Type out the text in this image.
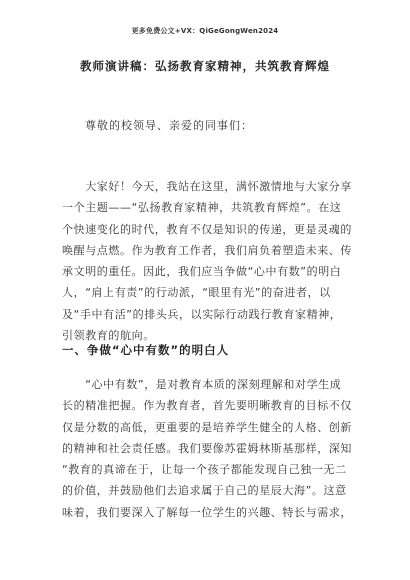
更多免费公文+VX：QiGeGongWen2024
教师演讲稿：弘扬教育家精神，共筑教育辉煌
尊敬的校领导、亲爱的同事们：
　　大家好！今天，我站在这里，满怀激情地与大家分享
一个主题——“弘扬教育家精神，共筑教育辉煌”。在这
个快速变化的时代，教育不仅是知识的传递，更是灵魂的
唤醒与点燃。作为教育工作者，我们肩负着塑造未来、传
承文明的重任。因此，我们应当争做“心中有数”的明白
人，“肩上有责”的行动派，“眼里有光”的奋进者，以
及“手中有活”的排头兵，以实际行动践行教育家精神，
引领教育的航向。
一、争做“心中有数”的明白人
　　“心中有数”，是对教育本质的深刻理解和对学生成
长的精准把握。作为教育者，首先要明晰教育的目标不仅
仅是分数的高低，更重要的是培养学生健全的人格、创新
的精神和社会责任感。我们要像苏霍姆林斯基那样，深知
“教育的真谛在于，让每一个孩子都能发现自己独一无二
的价值，并鼓励他们去追求属于自己的星辰大海”。这意
味着，我们要深入了解每一位学生的兴趣、特长与需求，
